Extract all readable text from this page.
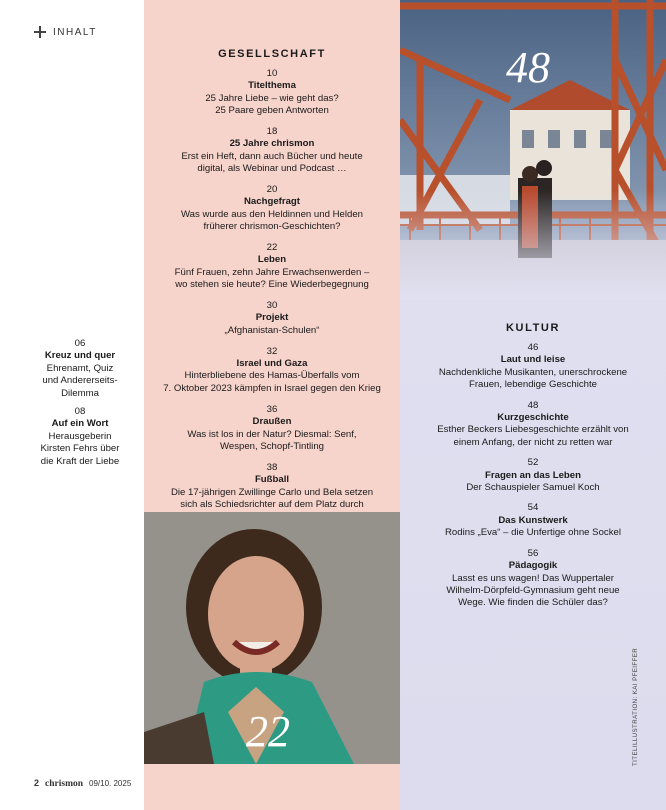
INHALT
06
Kreuz und quer
Ehrenamt, Quiz
und Andererseits-
Dilemma
08
Auf ein Wort
Herausgeberin
Kirsten Fehrs über
die Kraft der Liebe
GESELLSCHAFT
10
Titelthema
25 Jahre Liebe – wie geht das?
25 Paare geben Antworten
18
25 Jahre chrismon
Erst ein Heft, dann auch Bücher und heute
digital, als Webinar und Podcast …
20
Nachgefragt
Was wurde aus den Heldinnen und Helden
früherer chrismon-Geschichten?
22
Leben
Fünf Frauen, zehn Jahre Erwachsenwerden –
wo stehen sie heute? Eine Wiederbegegnung
30
Projekt
„Afghanistan-Schulen“
32
Israel und Gaza
Hinterbliebene des Hamas-Überfalls vom
7. Oktober 2023 kämpfen in Israel gegen den Krieg
36
Draußen
Was ist los in der Natur? Diesmal: Senf,
Wespen, Schopf-Tintling
38
Fußball
Die 17-jährigen Zwillinge Carlo und Bela setzen
sich als Schiedsrichter auf dem Platz durch
48
KULTUR
46
Laut und leise
Nachdenkliche Musikanten, unerschrockene
Frauen, lebendige Geschichte
48
Kurzgeschichte
Esther Beckers Liebesgeschichte erzählt von
einem Anfang, der nicht zu retten war
52
Fragen an das Leben
Der Schauspieler Samuel Koch
54
Das Kunstwerk
Rodins „Eva“ – die Unfertige ohne Sockel
56
Pädagogik
Lasst es uns wagen! Das Wuppertaler
Wilhelm-Dörpfeld-Gymnasium geht neue
Wege. Wie finden die Schüler das?
22	TITELILLUSTRATION: KAI PFEIFFER
2 chrismon 09/10. 2025
